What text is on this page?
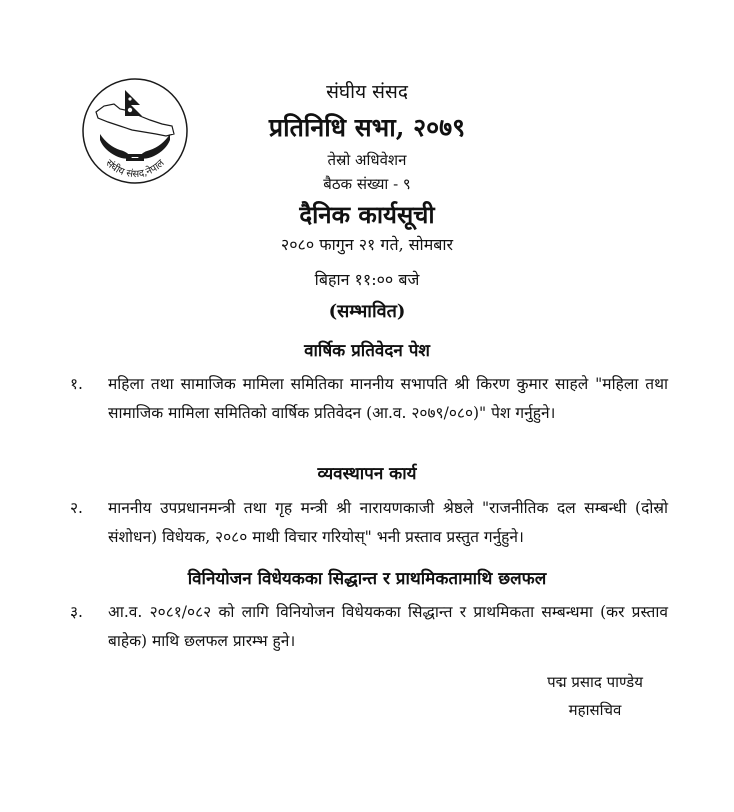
संघीय संसद,नेपाल
संघीय संसद
प्रतिनिधि सभा, २०७९
तेस्रो अधिवेशन
बैठक संख्या - ९
दैनिक कार्यसूची
२०८० फागुन २१ गते, सोमबार
बिहान ११:०० बजे
(सम्भावित)
वार्षिक प्रतिवेदन पेश
१.	महिला तथा सामाजिक मामिला समितिका माननीय सभापति श्री किरण कुमार साहले "महिला तथा सामाजिक मामिला समितिको वार्षिक प्रतिवेदन (आ.व. २०७९/०८०)" पेश गर्नुहुने।
व्यवस्थापन कार्य
२.	माननीय उपप्रधानमन्त्री तथा गृह मन्त्री श्री नारायणकाजी श्रेष्ठले "राजनीतिक दल सम्बन्धी (दोस्रो संशोधन) विधेयक, २०८० माथी विचार गरियोस्" भनी प्रस्ताव प्रस्तुत गर्नुहुने।
विनियोजन विधेयकका सिद्धान्त र प्राथमिकतामाथि छलफल
३.	आ.व. २०८१/०८२ को लागि विनियोजन विधेयकका सिद्धान्त र प्राथमिकता सम्बन्धमा (कर प्रस्ताव बाहेक) माथि छलफल प्रारम्भ हुने।
पद्म प्रसाद पाण्डेय
महासचिव
